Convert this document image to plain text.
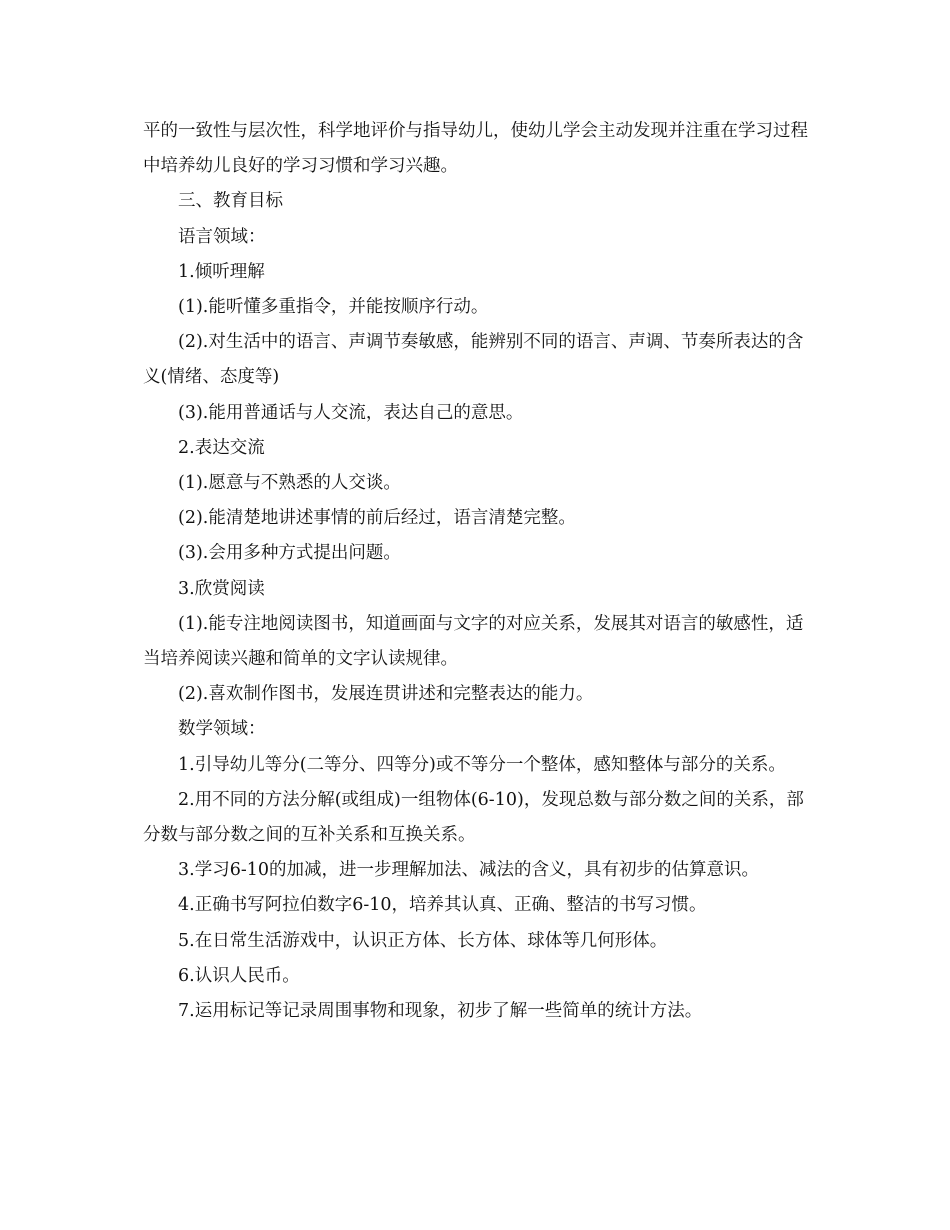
平的一致性与层次性，科学地评价与指导幼儿，使幼儿学会主动发现并注重在学习过程中培养幼儿良好的学习习惯和学习兴趣。

三、教育目标

语言领域：

1.倾听理解

(1).能听懂多重指令，并能按顺序行动。

(2).对生活中的语言、声调节奏敏感，能辨别不同的语言、声调、节奏所表达的含义(情绪、态度等)

(3).能用普通话与人交流，表达自己的意思。

2.表达交流

(1).愿意与不熟悉的人交谈。

(2).能清楚地讲述事情的前后经过，语言清楚完整。

(3).会用多种方式提出问题。

3.欣赏阅读

(1).能专注地阅读图书，知道画面与文字的对应关系，发展其对语言的敏感性，适当培养阅读兴趣和简单的文字认读规律。

(2).喜欢制作图书，发展连贯讲述和完整表达的能力。

数学领域：

1.引导幼儿等分(二等分、四等分)或不等分一个整体，感知整体与部分的关系。

2.用不同的方法分解(或组成)一组物体(6-10)，发现总数与部分数之间的关系，部分数与部分数之间的互补关系和互换关系。

3.学习6-10的加减，进一步理解加法、减法的含义，具有初步的估算意识。

4.正确书写阿拉伯数字6-10，培养其认真、正确、整洁的书写习惯。

5.在日常生活游戏中，认识正方体、长方体、球体等几何形体。

6.认识人民币。

7.运用标记等记录周围事物和现象，初步了解一些简单的统计方法。
